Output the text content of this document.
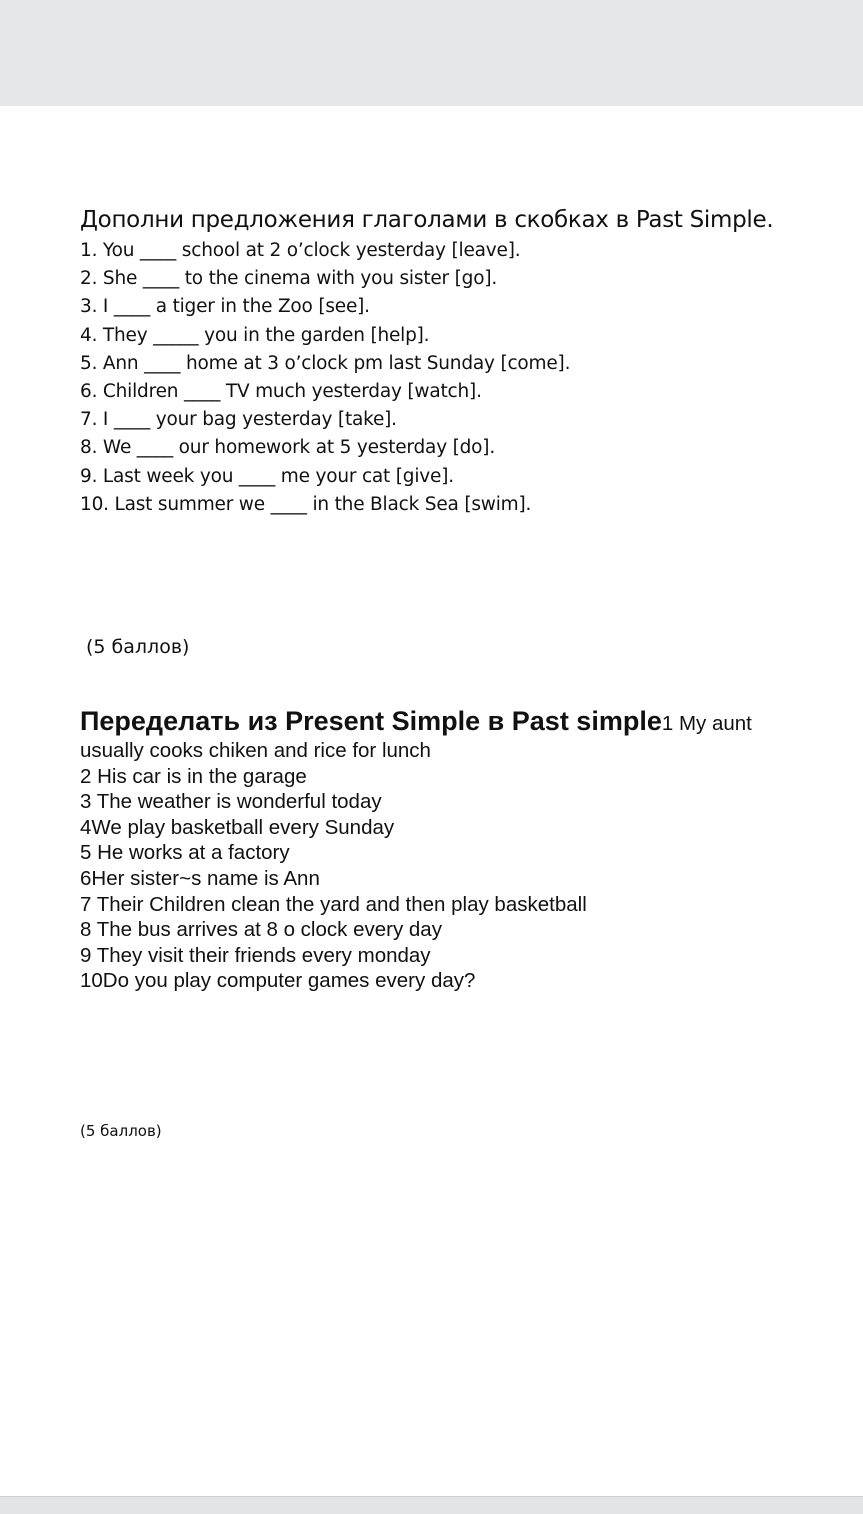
Дополни предложения глаголами в скобках в Past Simple.
1. You ____ school at 2 o’clock yesterday [leave].
2. She ____ to the cinema with you sister [go].
3. I ____ a tiger in the Zoo [see].
4. They _____ you in the garden [help].
5. Ann ____ home at 3 o’clock pm last Sunday [come].
6. Children ____ TV much yesterday [watch].
7. I ____ your bag yesterday [take].
8. We ____ our homework at 5 yesterday [do].
9. Last week you ____ me your cat [give].
10. Last summer we ____ in the Black Sea [swim].
(5 баллов)
Переделать из Present Simple в Past simple1 My aunt
usually cooks chiken and rice for lunch
2 His car is in the garage
3 The weather is wonderful today
4We play basketball every Sunday
5 He works at a factory
6Her sister~s name is Ann
7 Their Children clean the yard and then play basketball
8 The bus arrives at 8 o clock every day
9 They visit their friends every monday
10Do you play computer games every day?
(5 баллов)
